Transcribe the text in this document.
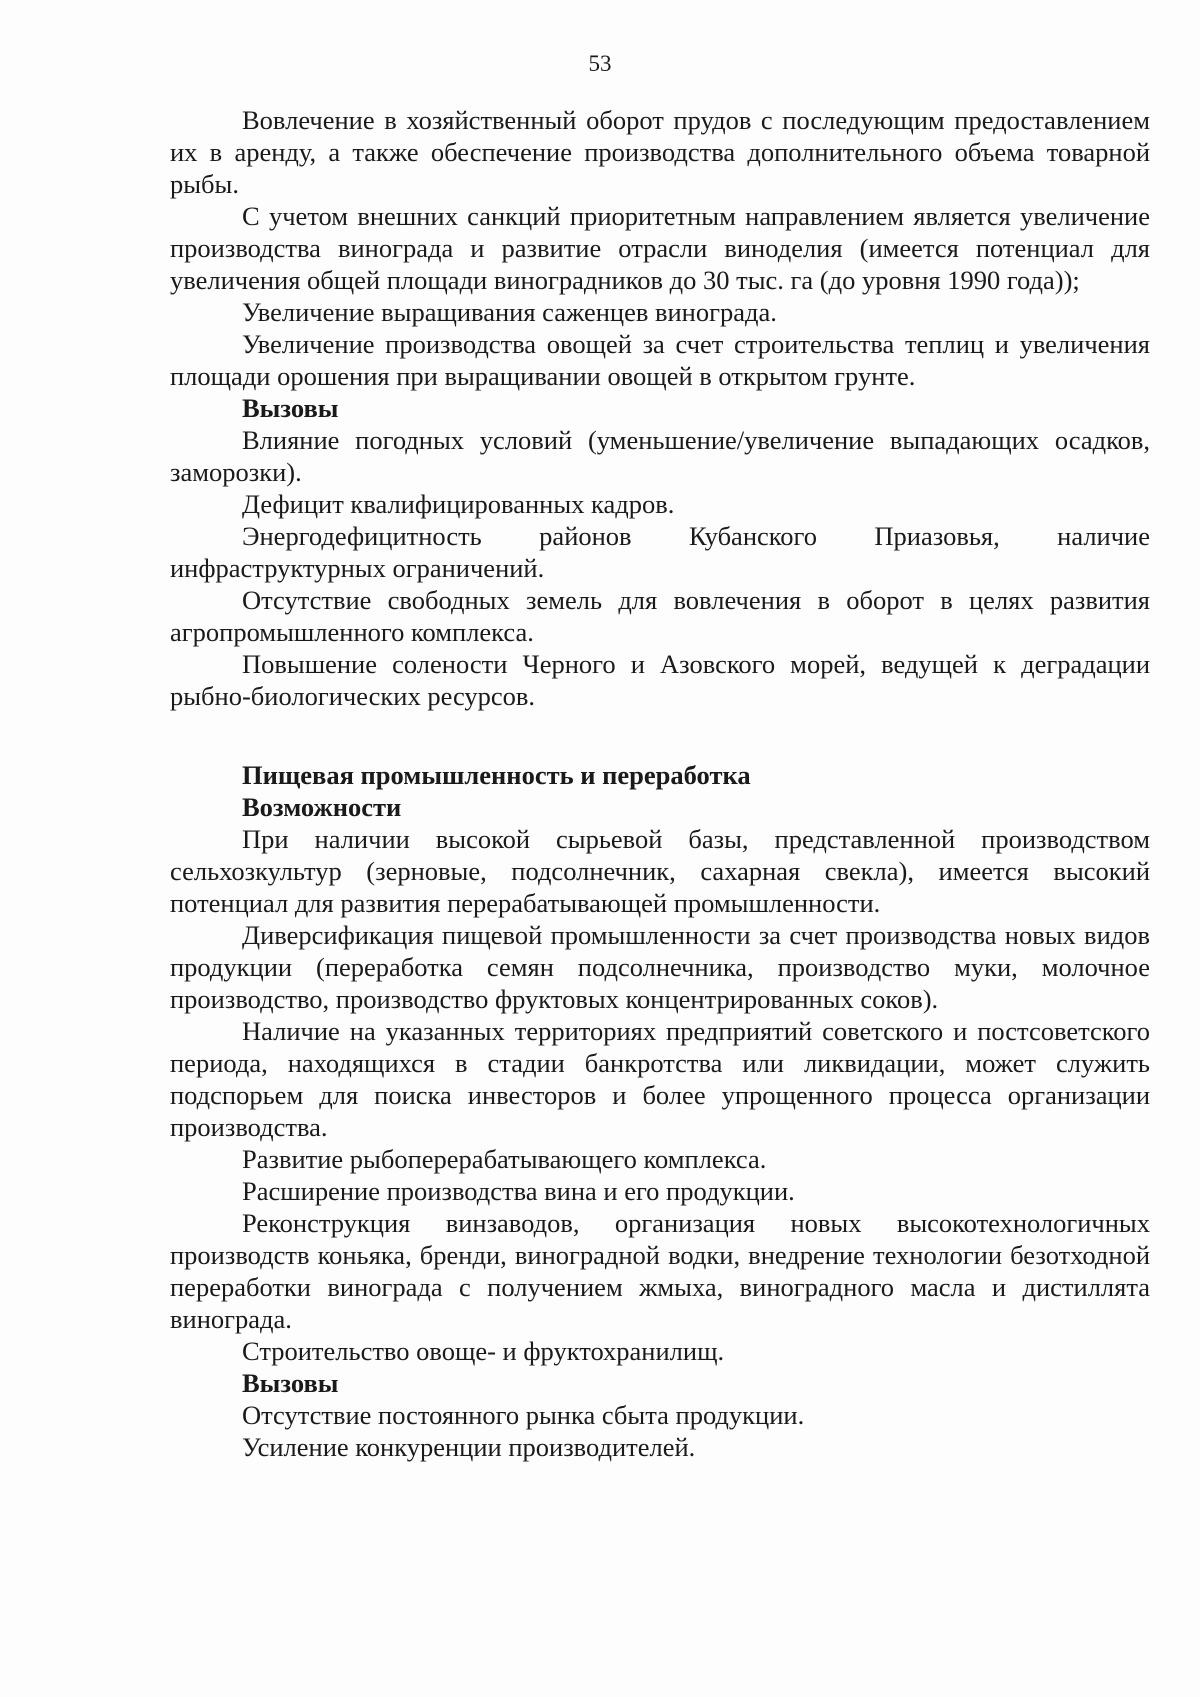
53

Вовлечение в хозяйственный оборот прудов с последующим предоставлением их в аренду, а также обеспечение производства дополнительного объема товарной рыбы.

С учетом внешних санкций приоритетным направлением является увеличение производства винограда и развитие отрасли виноделия (имеется потенциал для увеличения общей площади виноградников до 30 тыс. га (до уровня 1990 года));

Увеличение выращивания саженцев винограда.

Увеличение производства овощей за счет строительства теплиц и увеличения площади орошения при выращивании овощей в открытом грунте.

Вызовы

Влияние погодных условий (уменьшение/увеличение выпадающих осадков, заморозки).

Дефицит квалифицированных кадров.

Энергодефицитность районов Кубанского Приазовья, наличие инфраструктурных ограничений.

Отсутствие свободных земель для вовлечения в оборот в целях развития агропромышленного комплекса.

Повышение солености Черного и Азовского морей, ведущей к деградации рыбно-биологических ресурсов.

Пищевая промышленность и переработка

Возможности

При наличии высокой сырьевой базы, представленной производством сельхозкультур (зерновые, подсолнечник, сахарная свекла), имеется высокий потенциал для развития перерабатывающей промышленности.

Диверсификация пищевой промышленности за счет производства новых видов продукции (переработка семян подсолнечника, производство муки, молочное производство, производство фруктовых концентрированных соков).

Наличие на указанных территориях предприятий советского и постсоветского периода, находящихся в стадии банкротства или ликвидации, может служить подспорьем для поиска инвесторов и более упрощенного процесса организации производства.

Развитие рыбоперерабатывающего комплекса.

Расширение производства вина и его продукции.

Реконструкция винзаводов, организация новых высокотехнологичных производств коньяка, бренди, виноградной водки, внедрение технологии безотходной переработки винограда с получением жмыха, виноградного масла и дистиллята винограда.

Строительство овоще- и фруктохранилищ.

Вызовы

Отсутствие постоянного рынка сбыта продукции.

Усиление конкуренции производителей.
